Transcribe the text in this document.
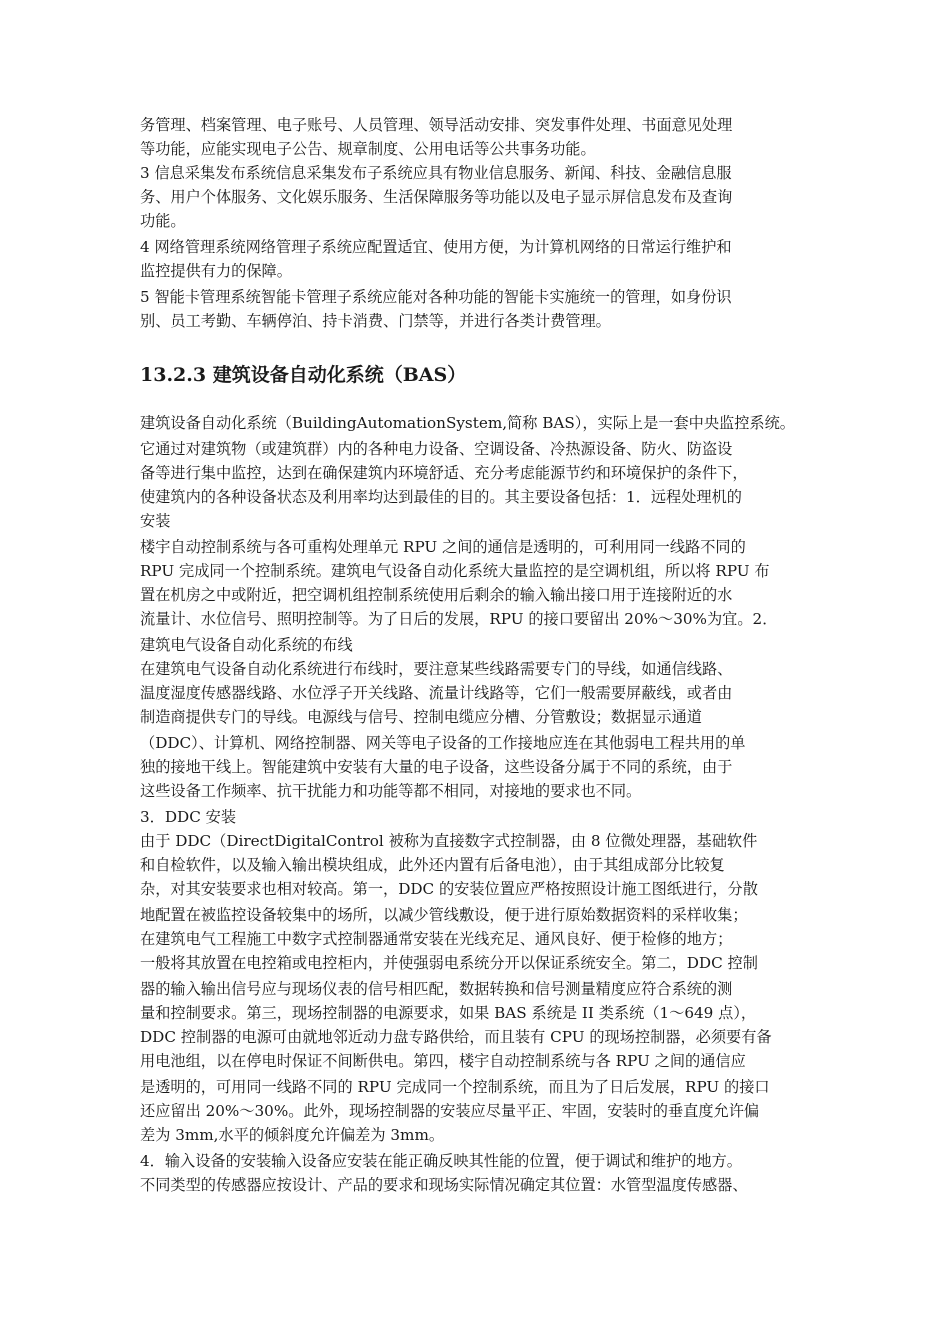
务管理、档案管理、电子账号、人员管理、领导活动安排、突发事件处理、书面意见处理

等功能，应能实现电子公告、规章制度、公用电话等公共事务功能。

3 信息采集发布系统信息采集发布子系统应具有物业信息服务、新闻、科技、金融信息服

务、用户个体服务、文化娱乐服务、生活保障服务等功能以及电子显示屏信息发布及查询

功能。

4 网络管理系统网络管理子系统应配置适宜、使用方便，为计算机网络的日常运行维护和

监控提供有力的保障。

5 智能卡管理系统智能卡管理子系统应能对各种功能的智能卡实施统一的管理，如身份识

别、员工考勤、车辆停泊、持卡消费、门禁等，并进行各类计费管理。

13.2.3 建筑设备自动化系统（BAS）

建筑设备自动化系统（BuildingAutomationSystem,简称 BAS），实际上是一套中央监控系统。

它通过对建筑物（或建筑群）内的各种电力设备、空调设备、冷热源设备、防火、防盗设

备等进行集中监控，达到在确保建筑内环境舒适、充分考虑能源节约和环境保护的条件下，

使建筑内的各种设备状态及利用率均达到最佳的目的。其主要设备包括：1．远程处理机的

安装

楼宇自动控制系统与各可重构处理单元 RPU 之间的通信是透明的，可利用同一线路不同的

RPU 完成同一个控制系统。建筑电气设备自动化系统大量监控的是空调机组，所以将 RPU 布

置在机房之中或附近，把空调机组控制系统使用后剩余的输入输出接口用于连接附近的水

流量计、水位信号、照明控制等。为了日后的发展，RPU 的接口要留出 20%～30%为宜。2．

建筑电气设备自动化系统的布线

在建筑电气设备自动化系统进行布线时，要注意某些线路需要专门的导线，如通信线路、

温度湿度传感器线路、水位浮子开关线路、流量计线路等，它们一般需要屏蔽线，或者由

制造商提供专门的导线。电源线与信号、控制电缆应分槽、分管敷设；数据显示通道

（DDC）、计算机、网络控制器、网关等电子设备的工作接地应连在其他弱电工程共用的单

独的接地干线上。智能建筑中安装有大量的电子设备，这些设备分属于不同的系统，由于

这些设备工作频率、抗干扰能力和功能等都不相同，对接地的要求也不同。

3．DDC 安装

由于 DDC（DirectDigitalControl 被称为直接数字式控制器，由 8 位微处理器，基础软件

和自检软件，以及输入输出模块组成，此外还内置有后备电池），由于其组成部分比较复

杂，对其安装要求也相对较高。第一，DDC 的安装位置应严格按照设计施工图纸进行，分散

地配置在被监控设备较集中的场所，以减少管线敷设，便于进行原始数据资料的采样收集；

在建筑电气工程施工中数字式控制器通常安装在光线充足、通风良好、便于检修的地方；

一般将其放置在电控箱或电控柜内，并使强弱电系统分开以保证系统安全。第二，DDC 控制

器的输入输出信号应与现场仪表的信号相匹配，数据转换和信号测量精度应符合系统的测

量和控制要求。第三，现场控制器的电源要求，如果 BAS 系统是 II 类系统（1～649 点），

DDC 控制器的电源可由就地邻近动力盘专路供给，而且装有 CPU 的现场控制器，必须要有备

用电池组，以在停电时保证不间断供电。第四，楼宇自动控制系统与各 RPU 之间的通信应

是透明的，可用同一线路不同的 RPU 完成同一个控制系统，而且为了日后发展，RPU 的接口

还应留出 20%～30%。此外，现场控制器的安装应尽量平正、牢固，安装时的垂直度允许偏

差为 3mm,水平的倾斜度允许偏差为 3mm。

4．输入设备的安装输入设备应安装在能正确反映其性能的位置，便于调试和维护的地方。

不同类型的传感器应按设计、产品的要求和现场实际情况确定其位置：水管型温度传感器、
